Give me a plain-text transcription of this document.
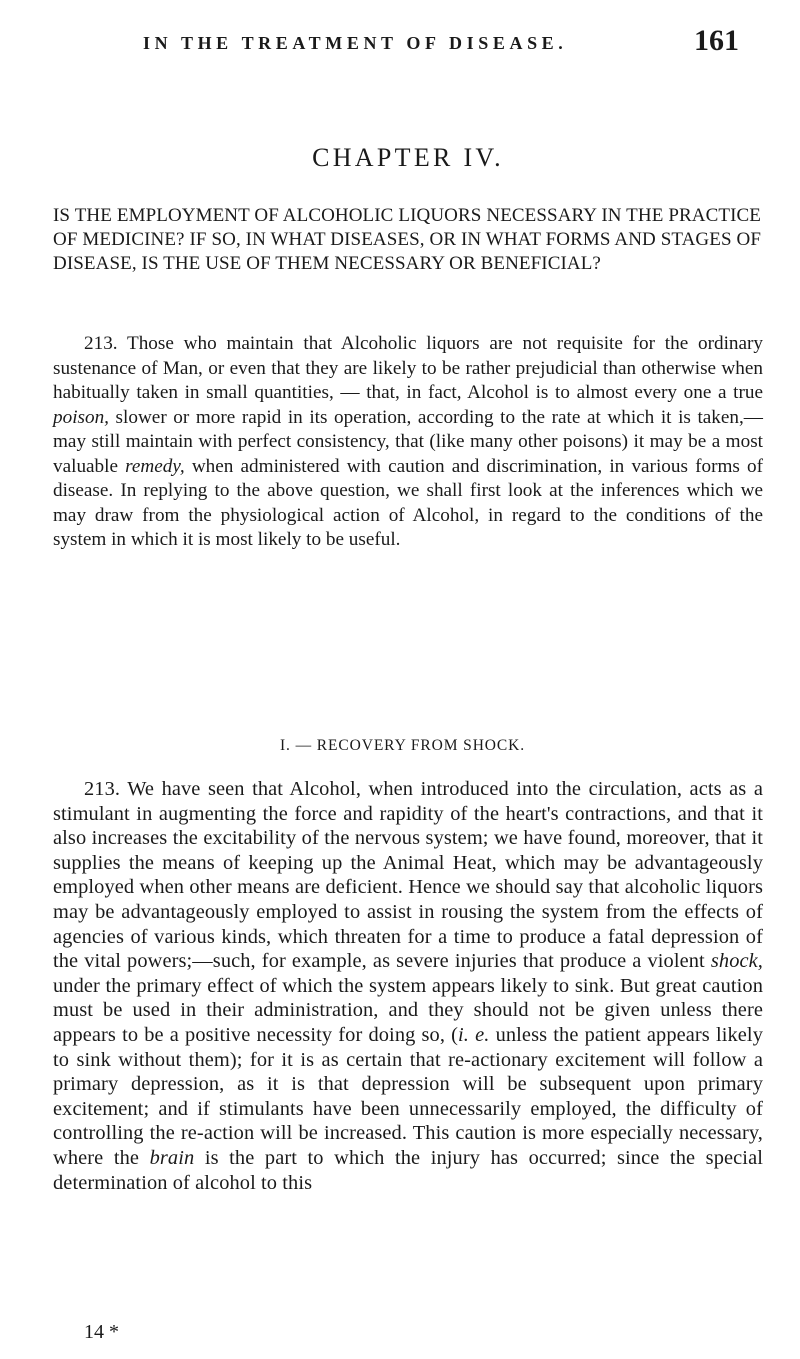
IN THE TREATMENT OF DISEASE.	161
CHAPTER IV.

IS THE EMPLOYMENT OF ALCOHOLIC LIQUORS NECESSARY IN THE PRACTICE OF MEDICINE? IF SO, IN WHAT DISEASES, OR IN WHAT FORMS AND STAGES OF DISEASE, IS THE USE OF THEM NECESSARY OR BENEFICIAL?

213. Those who maintain that Alcoholic liquors are not requisite for the ordinary sustenance of Man, or even that they are likely to be rather prejudicial than otherwise when habitually taken in small quantities, — that, in fact, Alcohol is to almost every one a true poison, slower or more rapid in its operation, according to the rate at which it is taken,—may still maintain with perfect consistency, that (like many other poisons) it may be a most valuable remedy, when administered with caution and discrimination, in various forms of disease. In replying to the above question, we shall first look at the inferences which we may draw from the physiological action of Alcohol, in regard to the conditions of the system in which it is most likely to be useful.

I. — RECOVERY FROM SHOCK.

213. We have seen that Alcohol, when introduced into the circulation, acts as a stimulant in augmenting the force and rapidity of the heart's contractions, and that it also increases the excitability of the nervous system; we have found, moreover, that it supplies the means of keeping up the Animal Heat, which may be advantageously employed when other means are deficient. Hence we should say that alcoholic liquors may be advantageously employed to assist in rousing the system from the effects of agencies of various kinds, which threaten for a time to produce a fatal depression of the vital powers;—such, for example, as severe injuries that produce a violent shock, under the primary effect of which the system appears likely to sink. But great caution must be used in their administration, and they should not be given unless there appears to be a positive necessity for doing so, (i. e. unless the patient appears likely to sink without them); for it is as certain that re-actionary excitement will follow a primary depression, as it is that depression will be subsequent upon primary excitement; and if stimulants have been unnecessarily employed, the difficulty of controlling the re-action will be increased. This caution is more especially necessary, where the brain is the part to which the injury has occurred; since the special determination of alcohol to this

14 *
